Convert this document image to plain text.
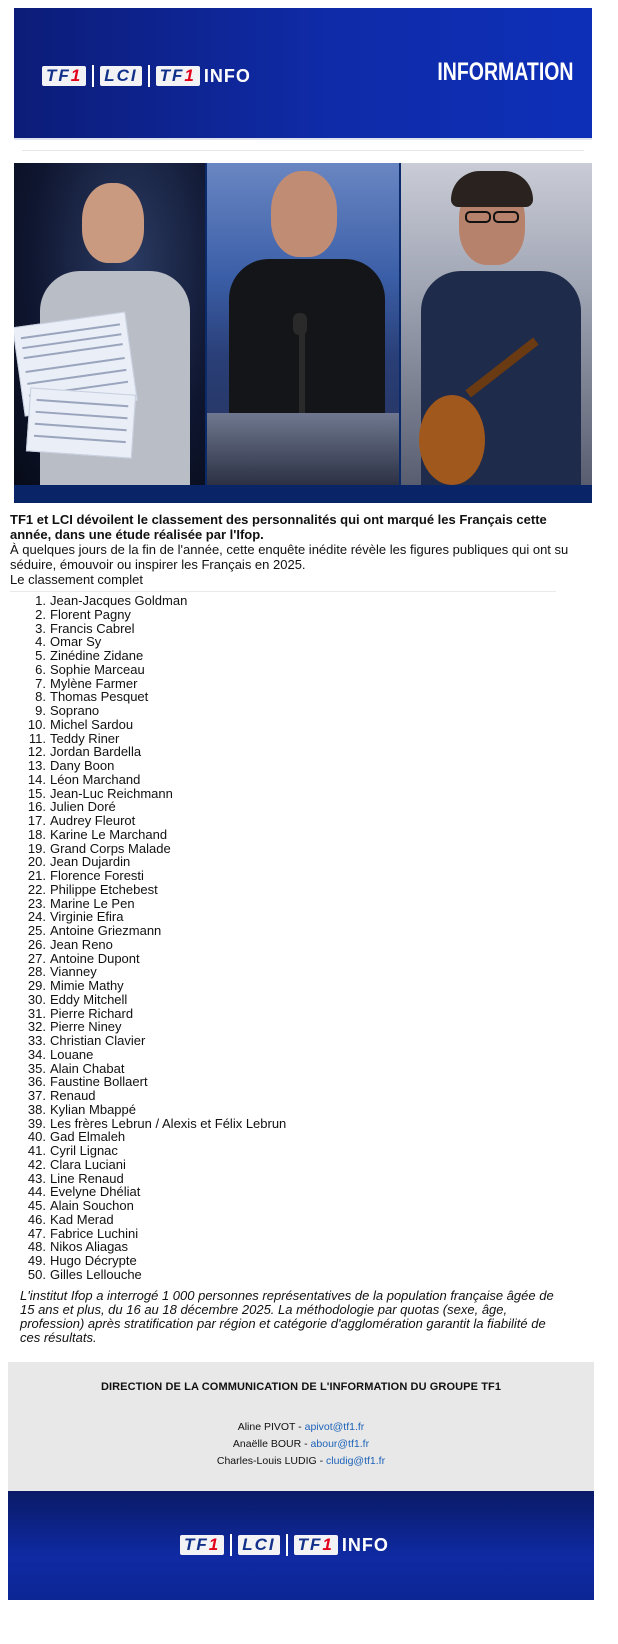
TF 1 LCI TF 1 INFO	INFORMATION

TF1 et LCI dévoilent le classement des personnalités qui ont marqué les Français cette année, dans une étude réalisée par l'Ifop.

À quelques jours de la fin de l'année, cette enquête inédite révèle les figures publiques qui ont su séduire, émouvoir ou inspirer les Français en 2025.

Le classement complet

1. Jean-Jacques Goldman
2. Florent Pagny
3. Francis Cabrel
4. Omar Sy
5. Zinédine Zidane
6. Sophie Marceau
7. Mylène Farmer
8. Thomas Pesquet
9. Soprano
10. Michel Sardou
11. Teddy Riner
12. Jordan Bardella
13. Dany Boon
14. Léon Marchand
15. Jean-Luc Reichmann
16. Julien Doré
17. Audrey Fleurot
18. Karine Le Marchand
19. Grand Corps Malade
20. Jean Dujardin
21. Florence Foresti
22. Philippe Etchebest
23. Marine Le Pen
24. Virginie Efira
25. Antoine Griezmann
26. Jean Reno
27. Antoine Dupont
28. Vianney
29. Mimie Mathy
30. Eddy Mitchell
31. Pierre Richard
32. Pierre Niney
33. Christian Clavier
34. Louane
35. Alain Chabat
36. Faustine Bollaert
37. Renaud
38. Kylian Mbappé
39. Les frères Lebrun / Alexis et Félix Lebrun
40. Gad Elmaleh
41. Cyril Lignac
42. Clara Luciani
43. Line Renaud
44. Evelyne Dhéliat
45. Alain Souchon
46. Kad Merad
47. Fabrice Luchini
48. Nikos Aliagas
49. Hugo Décrypte
50. Gilles Lellouche

L'institut Ifop a interrogé 1 000 personnes représentatives de la population française âgée de 15 ans et plus, du 16 au 18 décembre 2025. La méthodologie par quotas (sexe, âge, profession) après stratification par région et catégorie d'agglomération garantit la fiabilité de ces résultats.

DIRECTION DE LA COMMUNICATION DE L'INFORMATION DU GROUPE TF1
Aline PIVOT - apivot@tf1.fr
Anaëlle BOUR - abour@tf1.fr
Charles-Louis LUDIG - cludig@tf1.fr
TF 1 LCI TF 1 INFO
